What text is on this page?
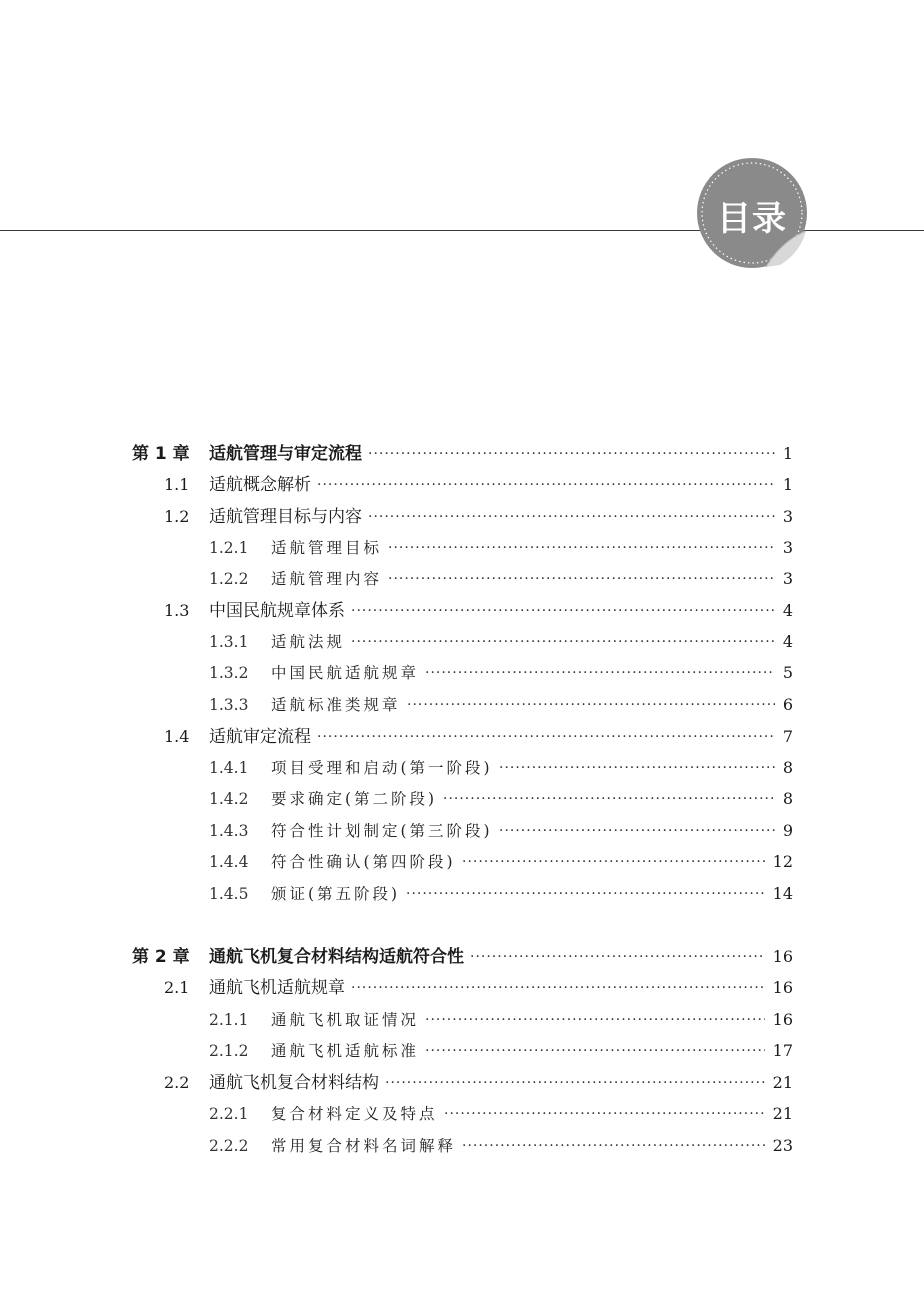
目录
第 1 章 适航管理与审定流程 ·····	1
1.1 适航概念解析 ·····	1
1.2 适航管理目标与内容 ·····	3
1.2.1 适航管理目标 ·····	3
1.2.2 适航管理内容 ·····	3
1.3 中国民航规章体系 ·····	4
1.3.1 适航法规 ·····	4
1.3.2 中国民航适航规章 ·····	5
1.3.3 适航标准类规章 ·····	6
1.4 适航审定流程 ·····	7
1.4.1 项目受理和启动(第一阶段) ·····	8
1.4.2 要求确定(第二阶段) ·····	8
1.4.3 符合性计划制定(第三阶段) ·····	9
1.4.4 符合性确认(第四阶段) ·····	12
1.4.5 颁证(第五阶段) ·····	14
第 2 章 通航飞机复合材料结构适航符合性 ·····	16
2.1 通航飞机适航规章 ·····	16
2.1.1 通航飞机取证情况 ·····	16
2.1.2 通航飞机适航标准 ·····	17
2.2 通航飞机复合材料结构 ·····	21
2.2.1 复合材料定义及特点 ·····	21
2.2.2 常用复合材料名词解释 ·····	23
